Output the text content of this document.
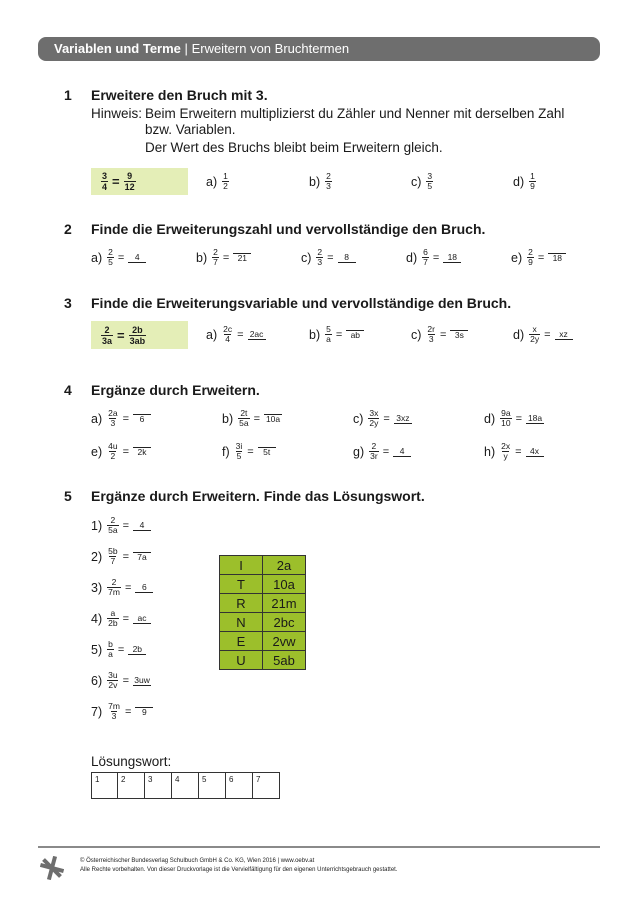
Variablen und Terme | Erweitern von Bruchtermen
1 Erweitere den Bruch mit 3.
Hinweis: Beim Erweitern multiplizierst du Zähler und Nenner mit derselben Zahl
bzw. Variablen.
Der Wert des Bruchs bleibt beim Erweitern gleich.
$\frac{3}{4} = \frac{9}{12}$	$a) \frac{1}{2}$	$b) \frac{2}{3}$	$c) \frac{3}{5}$	$d) \frac{1}{9}$
2 Finde die Erweiterungszahl und vervollständige den Bruch.
$a) \frac{2}{5}$ =	4	$b) \frac{2}{7} = 21$	$c) \frac{2}{3}$ =	8	$d) \frac{6}{7} = 18$	$e) \frac{2}{9} = 18$
3 Finde die Erweiterungsvariable und vervollständige den Bruch.
$\frac{2}{3a} = \frac{2b}{3ab}$	$a) \frac{2c}{4} = 2ac$	$b) \frac{5}{a}$ = ab	$c) \frac{2r}{3}$ =	3s	$d) \frac{x}{2y}$ =	xz
4 Ergänze durch Erweitern.
$a) \frac{2a}{3}$ =	6	$b) \frac{2t}{5a} = 10a$	$c) \frac{3x}{2y} = 3xz$	$d) \frac{9a}{10} = 18a$
$e) \frac{4u}{2}$ =	2k	$f) \frac{3i}{5}$ =	5t	$g) \frac{2}{3r}$ =	4	$h) \frac{2x}{y}$ =	4x
5 Ergänze durch Erweitern. Finde das Lösungswort.
$1) \frac{2}{5a}$ =	4
$2) \frac{5b}{7} = 7a$
$3) \frac{2}{7m}$ =	6
$4) \frac{a}{2b}$ =	ac
$5) \frac{b}{a} = 2b$
$6) \frac{3u}{2v} = 3uw$
$7) \frac{7m}{3}$ =	9
I	2a
T	10a
R	21m
N	2bc
E	2vw
U	5ab
Lösungswort:
1	2	3	4	5	6	7
© Österreichischer Bundesverlag Schulbuch GmbH & Co. KG, Wien 2016 | www.oebv.at
Alle Rechte vorbehalten. Von dieser Druckvorlage ist die Vervielfältigung für den eigenen Unterrichtsgebrauch gestattet.
